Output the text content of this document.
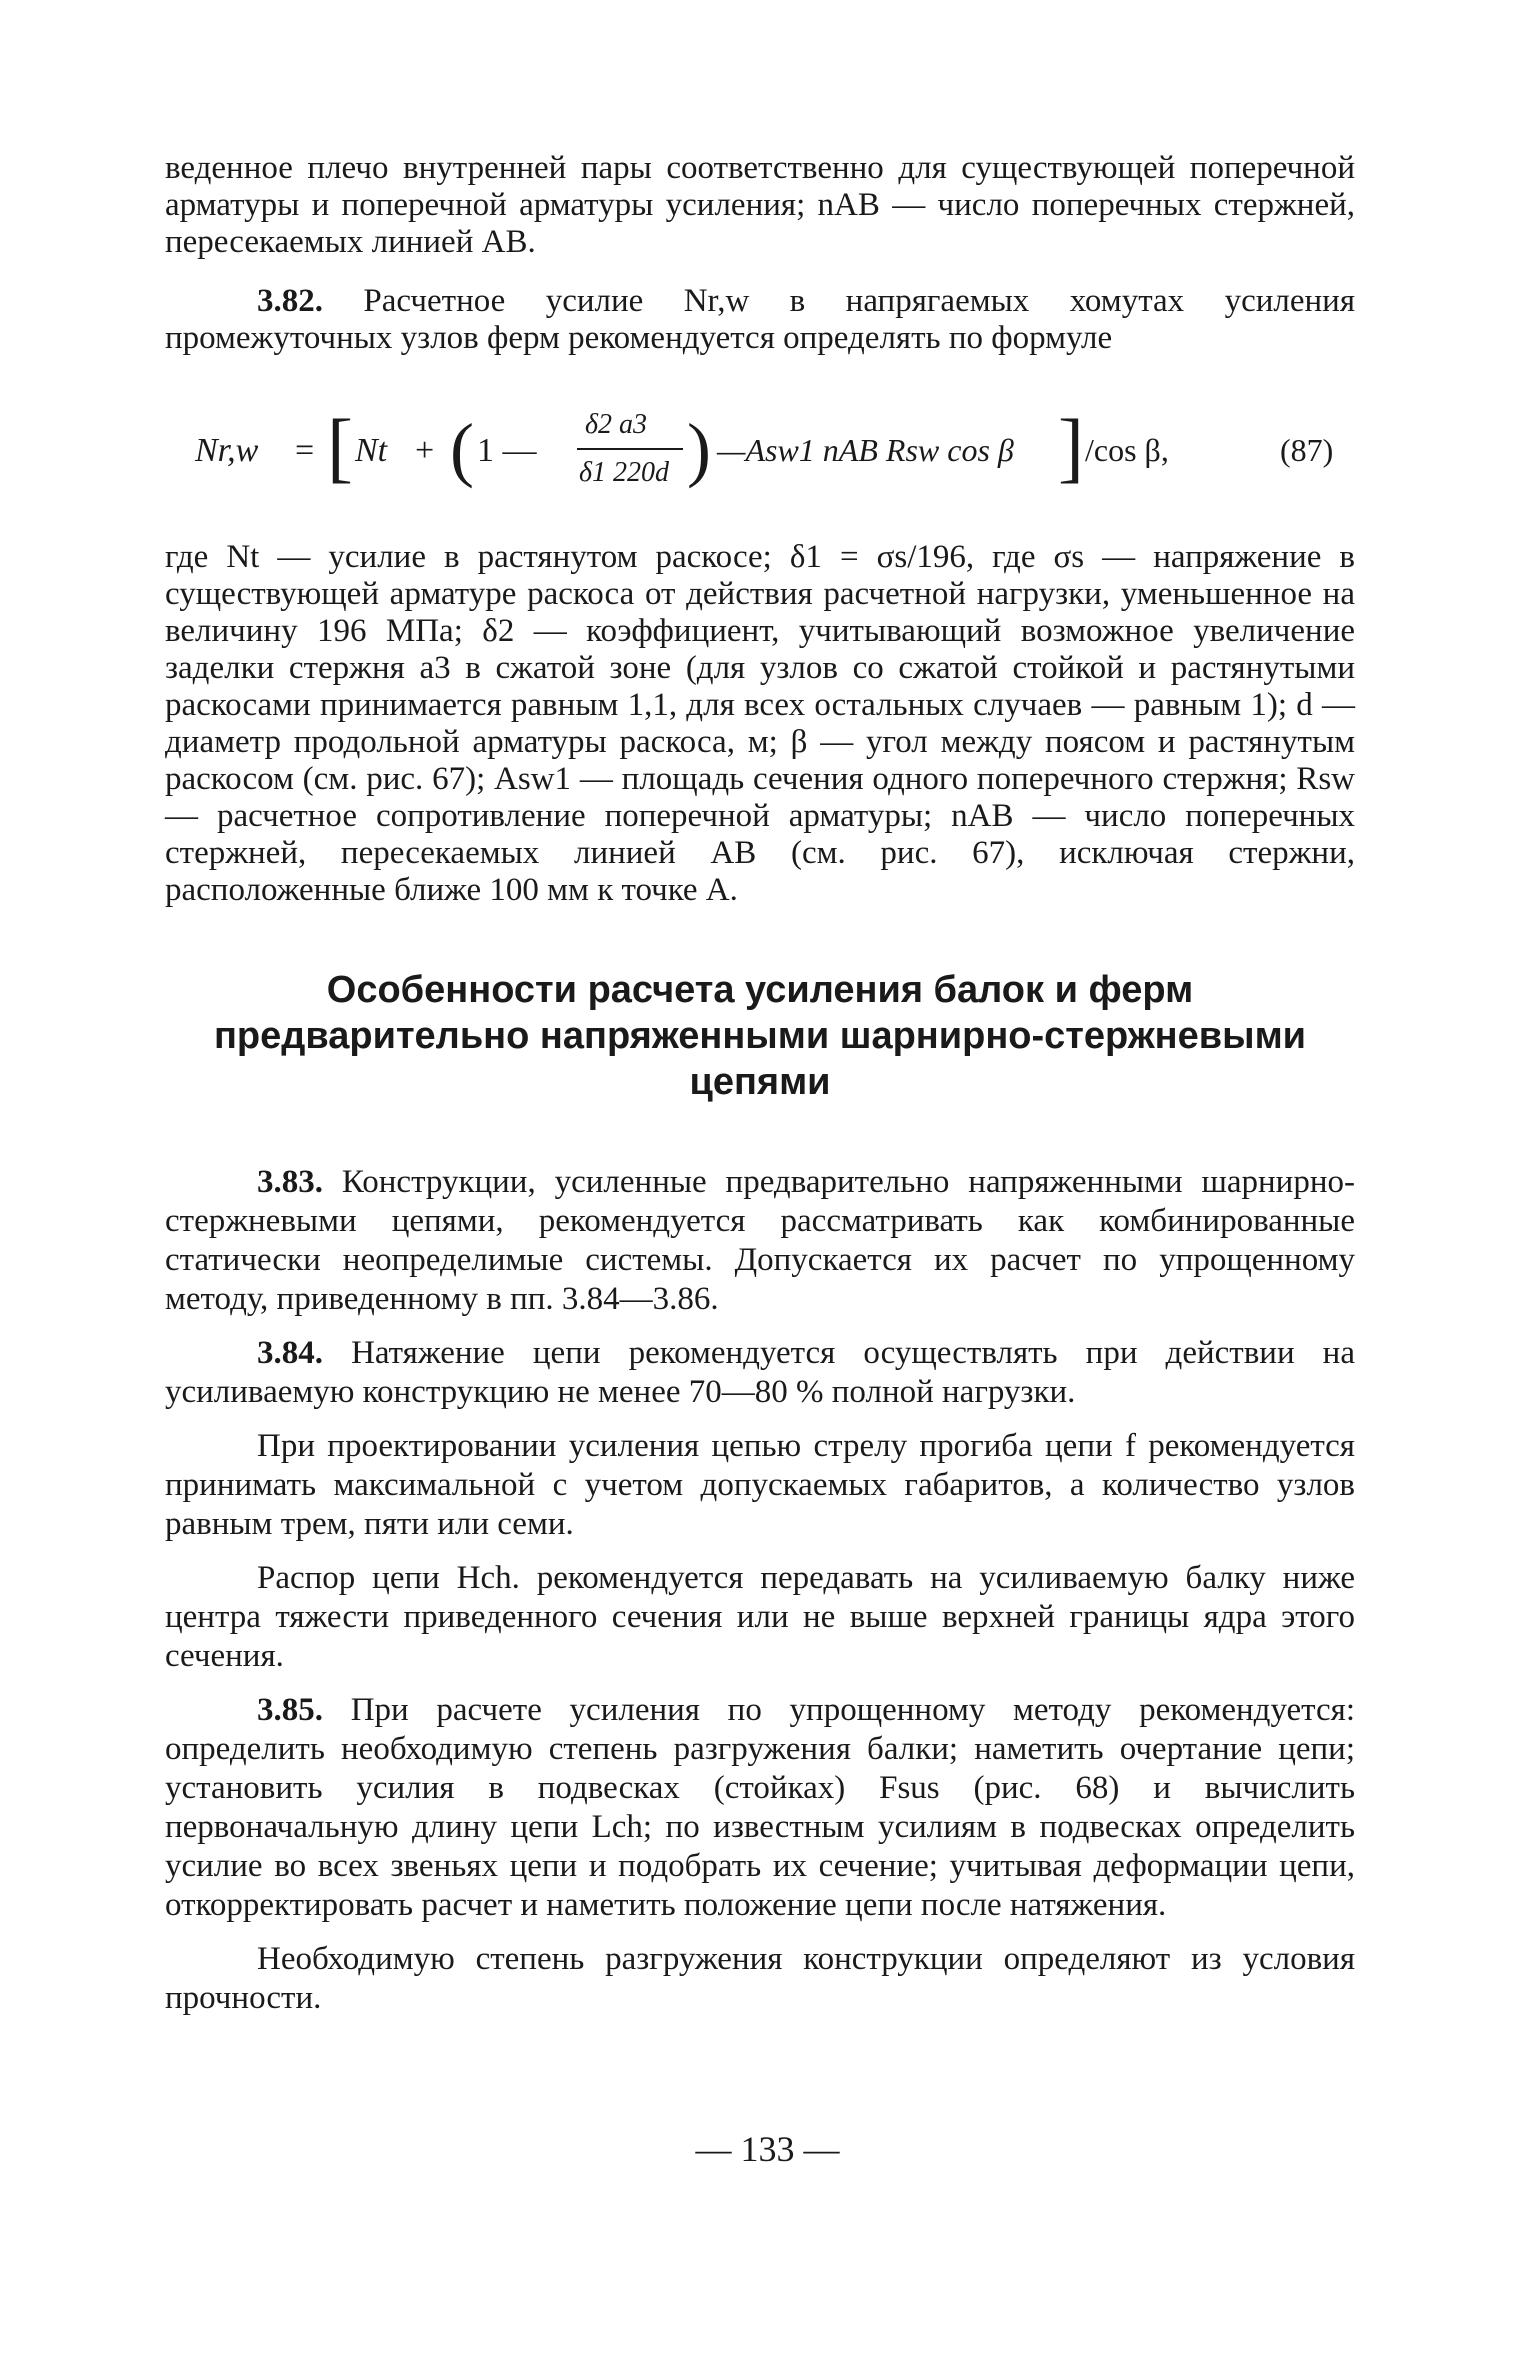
веденное плечо внутренней пары соответственно для существующей поперечной арматуры и поперечной арматуры усиления; nAB — число поперечных стержней, пересекаемых линией AB.

3.82. Расчетное усилие Nr,w в напрягаемых хомутах усиления промежуточных узлов ферм рекомендуется определять по формуле

Nr,w = [ Nt + ( 1 —
δ2 a3
δ1 220d ) —Asw1 nAB Rsw cos β ] /cos β,	(87)

где Nt — усилие в растянутом раскосе; δ1 = σs/196, где σs — напряжение в существующей арматуре раскоса от действия расчетной нагрузки, уменьшенное на величину 196 МПа; δ2 — коэффициент, учитывающий возможное увеличение заделки стержня a3 в сжатой зоне (для узлов со сжатой стойкой и растянутыми раскосами принимается равным 1,1, для всех остальных случаев — равным 1); d — диаметр продольной арматуры раскоса, м; β — угол между поясом и растянутым раскосом (см. рис. 67); Asw1 — площадь сечения одного поперечного стержня; Rsw — расчетное сопротивление поперечной арматуры; nAB — число поперечных стержней, пересекаемых линией AB (см. рис. 67), исключая стержни, расположенные ближе 100 мм к точке A.

Особенности расчета усиления балок и ферм
предварительно напряженными шарнирно-стержневыми
цепями

3.83. Конструкции, усиленные предварительно напряженными шарнирно-стержневыми цепями, рекомендуется рассматривать как комбинированные статически неопределимые системы. Допускается их расчет по упрощенному методу, приведенному в пп. 3.84—3.86.

3.84. Натяжение цепи рекомендуется осуществлять при действии на усиливаемую конструкцию не менее 70—80 % полной нагрузки.

При проектировании усиления цепью стрелу прогиба цепи f рекомендуется принимать максимальной с учетом допускаемых габаритов, а количество узлов равным трем, пяти или семи.

Распор цепи Hch. рекомендуется передавать на усиливаемую балку ниже центра тяжести приведенного сечения или не выше верхней границы ядра этого сечения.

3.85. При расчете усиления по упрощенному методу рекомендуется: определить необходимую степень разгружения балки; наметить очертание цепи; установить усилия в подвесках (стойках) Fsus (рис. 68) и вычислить первоначальную длину цепи Lch; по известным усилиям в подвесках определить усилие во всех звеньях цепи и подобрать их сечение; учитывая деформации цепи, откорректировать расчет и наметить положение цепи после натяжения.

Необходимую степень разгружения конструкции определяют из условия прочности.

— 133 —
